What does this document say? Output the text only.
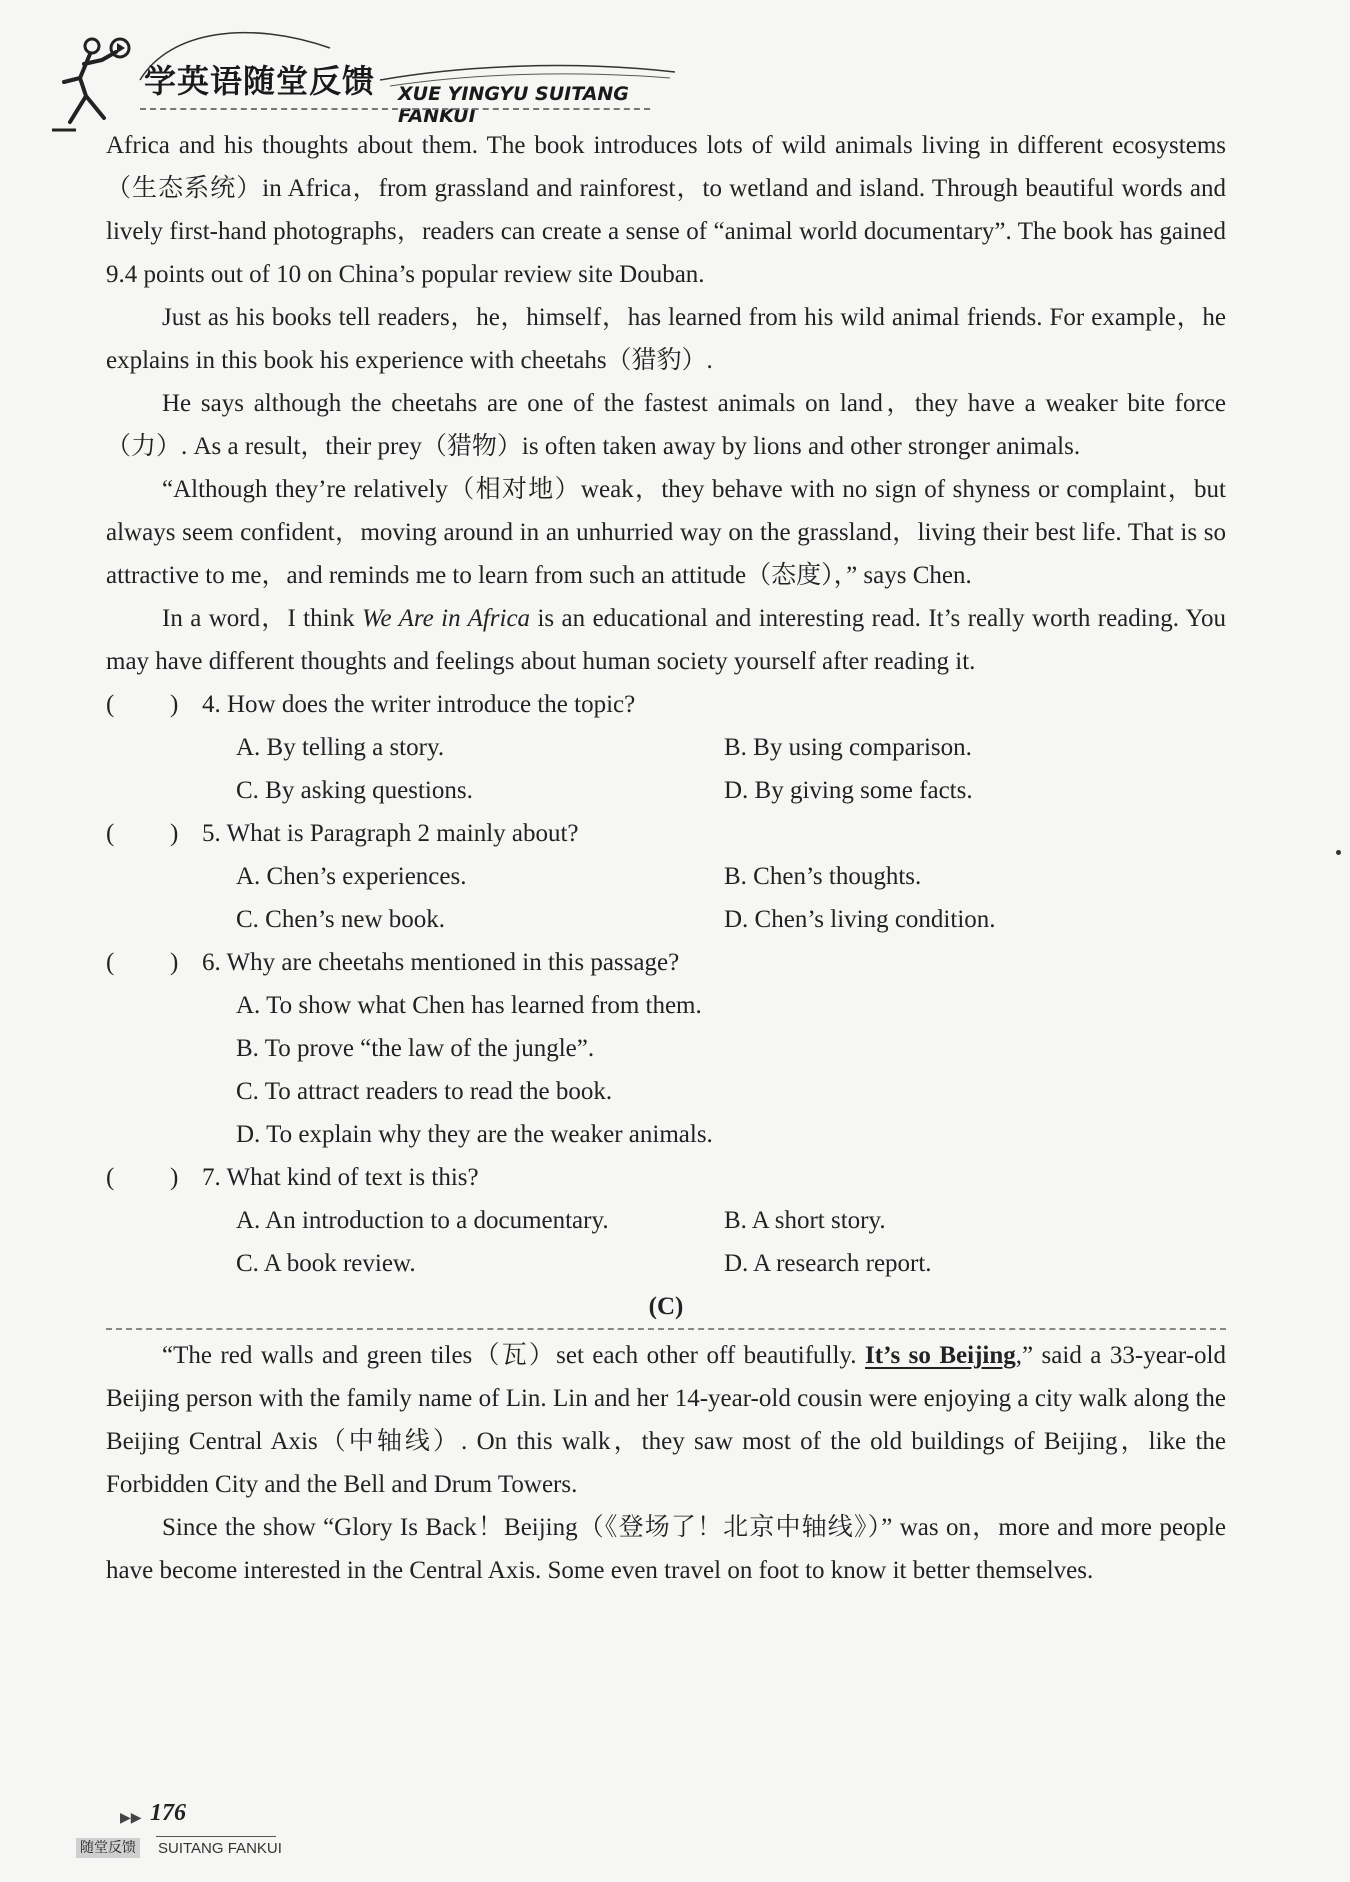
学英语随堂反馈 XUE YINGYU SUITANG FANKUI

Africa and his thoughts about them. The book introduces lots of wild animals living in different ecosystems（生态系统）in Africa，from grassland and rainforest，to wetland and island. Through beautiful words and lively first-hand photographs，readers can create a sense of “animal world documentary”. The book has gained 9.4 points out of 10 on China’s popular review site Douban.

Just as his books tell readers，he，himself，has learned from his wild animal friends. For example，he explains in this book his experience with cheetahs（猎豹）.

He says although the cheetahs are one of the fastest animals on land，they have a weaker bite force（力）. As a result，their prey（猎物）is often taken away by lions and other stronger animals.

“Although they’re relatively（相对地）weak，they behave with no sign of shyness or complaint，but always seem confident，moving around in an unhurried way on the grassland，living their best life. That is so attractive to me，and reminds me to learn from such an attitude（态度），” says Chen.

In a word，I think We Are in Africa is an educational and interesting read. It’s really worth reading. You may have different thoughts and feelings about human society yourself after reading it.

( ) 4. How does the writer introduce the topic?
A. By telling a story.	B. By using comparison.
C. By asking questions.	D. By giving some facts.
( ) 5. What is Paragraph 2 mainly about?
A. Chen’s experiences.	B. Chen’s thoughts.
C. Chen’s new book.	D. Chen’s living condition.
( ) 6. Why are cheetahs mentioned in this passage?
A. To show what Chen has learned from them.
B. To prove “the law of the jungle”.
C. To attract readers to read the book.
D. To explain why they are the weaker animals.
( ) 7. What kind of text is this?
A. An introduction to a documentary.	B. A short story.
C. A book review.	D. A research report.
(C)

“The red walls and green tiles（瓦）set each other off beautifully. It’s so Beijing,” said a 33-year-old Beijing person with the family name of Lin. Lin and her 14-year-old cousin were enjoying a city walk along the Beijing Central Axis（中轴线）. On this walk，they saw most of the old buildings of Beijing，like the Forbidden City and the Bell and Drum Towers.

Since the show “Glory Is Back！Beijing（《登场了！北京中轴线》）” was on，more and more people have become interested in the Central Axis. Some even travel on foot to know it better themselves.

▶▶ 176
随堂反馈 SUITANG FANKUI
